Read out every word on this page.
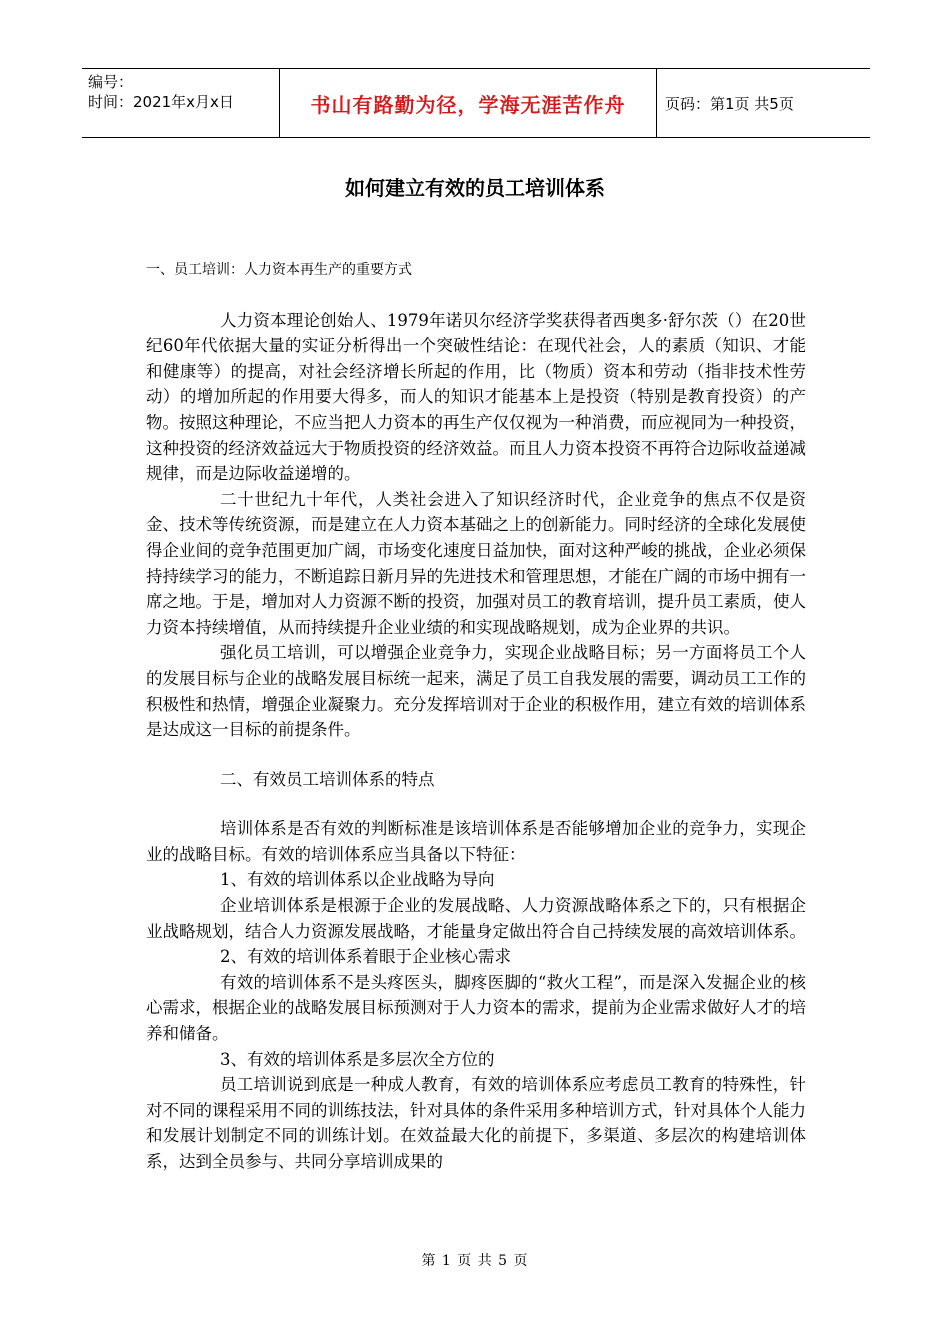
编号：
时间：2021年x月x日	书山有路勤为径，学海无涯苦作舟	页码：第1页 共5页
如何建立有效的员工培训体系

一、员工培训：人力资本再生产的重要方式

人力资本理论创始人、1979年诺贝尔经济学奖获得者西奥多·舒尔茨（）在20世纪60年代依据大量的实证分析得出一个突破性结论：在现代社会，人的素质（知识、才能和健康等）的提高，对社会经济增长所起的作用，比（物质）资本和劳动（指非技术性劳动）的增加所起的作用要大得多，而人的知识才能基本上是投资（特别是教育投资）的产物。按照这种理论，不应当把人力资本的再生产仅仅视为一种消费，而应视同为一种投资，这种投资的经济效益远大于物质投资的经济效益。而且人力资本投资不再符合边际收益递减规律，而是边际收益递增的。

二十世纪九十年代，人类社会进入了知识经济时代，企业竞争的焦点不仅是资金、技术等传统资源，而是建立在人力资本基础之上的创新能力。同时经济的全球化发展使得企业间的竞争范围更加广阔，市场变化速度日益加快，面对这种严峻的挑战，企业必须保持持续学习的能力，不断追踪日新月异的先进技术和管理思想，才能在广阔的市场中拥有一席之地。于是，增加对人力资源不断的投资，加强对员工的教育培训，提升员工素质，使人力资本持续增值，从而持续提升企业业绩的和实现战略规划，成为企业界的共识。

强化员工培训，可以增强企业竞争力，实现企业战略目标；另一方面将员工个人的发展目标与企业的战略发展目标统一起来，满足了员工自我发展的需要，调动员工工作的积极性和热情，增强企业凝聚力。充分发挥培训对于企业的积极作用，建立有效的培训体系是达成这一目标的前提条件。

二、有效员工培训体系的特点

培训体系是否有效的判断标准是该培训体系是否能够增加企业的竞争力，实现企业的战略目标。有效的培训体系应当具备以下特征：

1、有效的培训体系以企业战略为导向

企业培训体系是根源于企业的发展战略、人力资源战略体系之下的，只有根据企业战略规划，结合人力资源发展战略，才能量身定做出符合自己持续发展的高效培训体系。

2、有效的培训体系着眼于企业核心需求

有效的培训体系不是头疼医头，脚疼医脚的“救火工程”，而是深入发掘企业的核心需求，根据企业的战略发展目标预测对于人力资本的需求，提前为企业需求做好人才的培养和储备。

3、有效的培训体系是多层次全方位的

员工培训说到底是一种成人教育，有效的培训体系应考虑员工教育的特殊性，针对不同的课程采用不同的训练技法，针对具体的条件采用多种培训方式，针对具体个人能力和发展计划制定不同的训练计划。在效益最大化的前提下，多渠道、多层次的构建培训体系，达到全员参与、共同分享培训成果的

第 1 页 共 5 页
